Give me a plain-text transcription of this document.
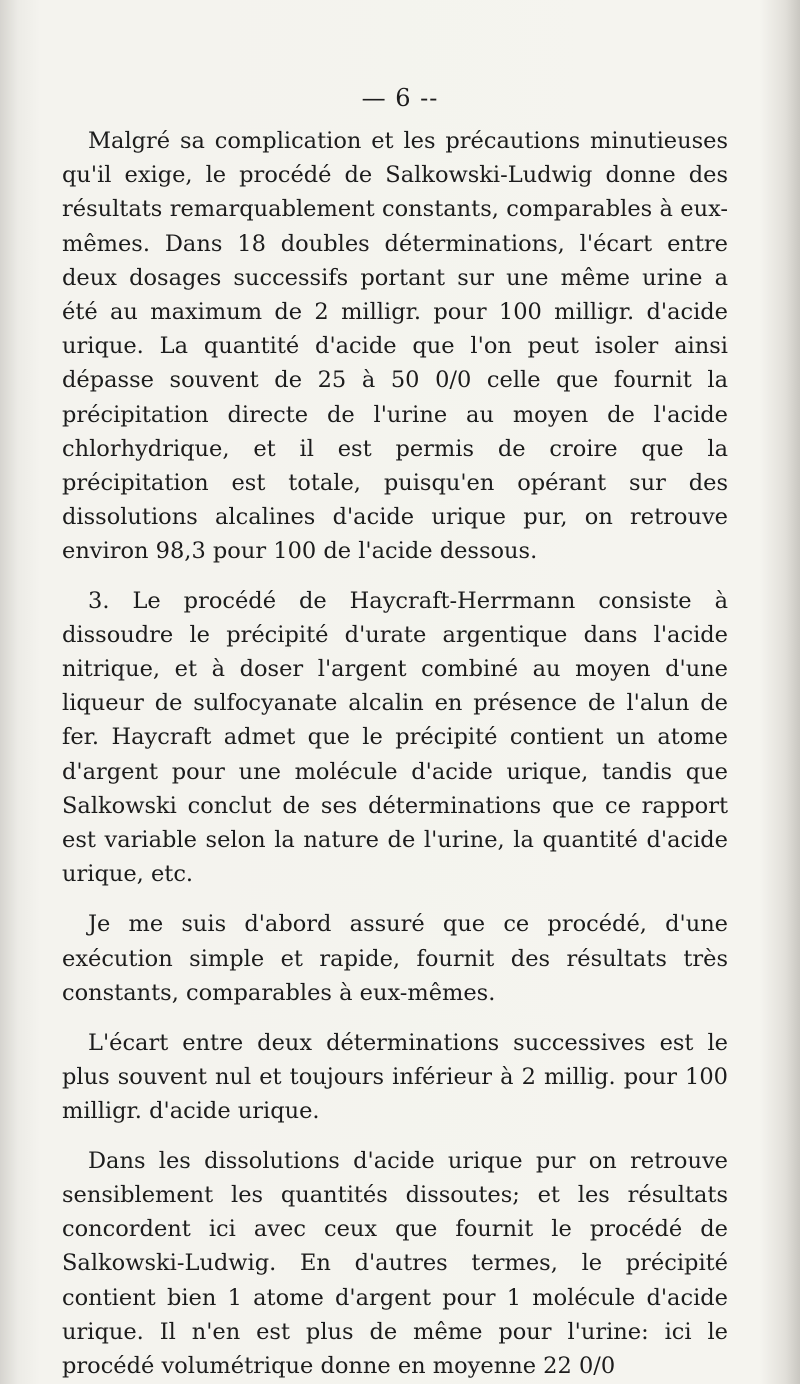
— 6 --

Malgré sa complication et les précautions minutieuses qu'il exige, le procédé de Salkowski-Ludwig donne des résultats remarquablement constants, comparables à eux-mêmes. Dans 18 doubles déterminations, l'écart entre deux dosages successifs portant sur une même urine a été au maximum de 2 milligr. pour 100 milligr. d'acide urique. La quantité d'acide que l'on peut isoler ainsi dépasse souvent de 25 à 50 0/0 celle que fournit la précipitation directe de l'urine au moyen de l'acide chlorhydrique, et il est permis de croire que la précipitation est totale, puisqu'en opérant sur des dissolutions alcalines d'acide urique pur, on retrouve environ 98,3 pour 100 de l'acide dessous.

3. Le procédé de Haycraft-Herrmann consiste à dissoudre le précipité d'urate argentique dans l'acide nitrique, et à doser l'argent combiné au moyen d'une liqueur de sulfocyanate alcalin en présence de l'alun de fer. Haycraft admet que le précipité contient un atome d'argent pour une molécule d'acide urique, tandis que Salkowski conclut de ses déterminations que ce rapport est variable selon la nature de l'urine, la quantité d'acide urique, etc.

Je me suis d'abord assuré que ce procédé, d'une exécution simple et rapide, fournit des résultats très constants, comparables à eux-mêmes.

L'écart entre deux déterminations successives est le plus souvent nul et toujours inférieur à 2 millig. pour 100 milligr. d'acide urique.

Dans les dissolutions d'acide urique pur on retrouve sensiblement les quantités dissoutes; et les résultats concordent ici avec ceux que fournit le procédé de Salkowski-Ludwig. En d'autres termes, le précipité contient bien 1 atome d'argent pour 1 molécule d'acide urique. Il n'en est plus de même pour l'urine: ici le procédé volumétrique donne en moyenne 22 0/0
